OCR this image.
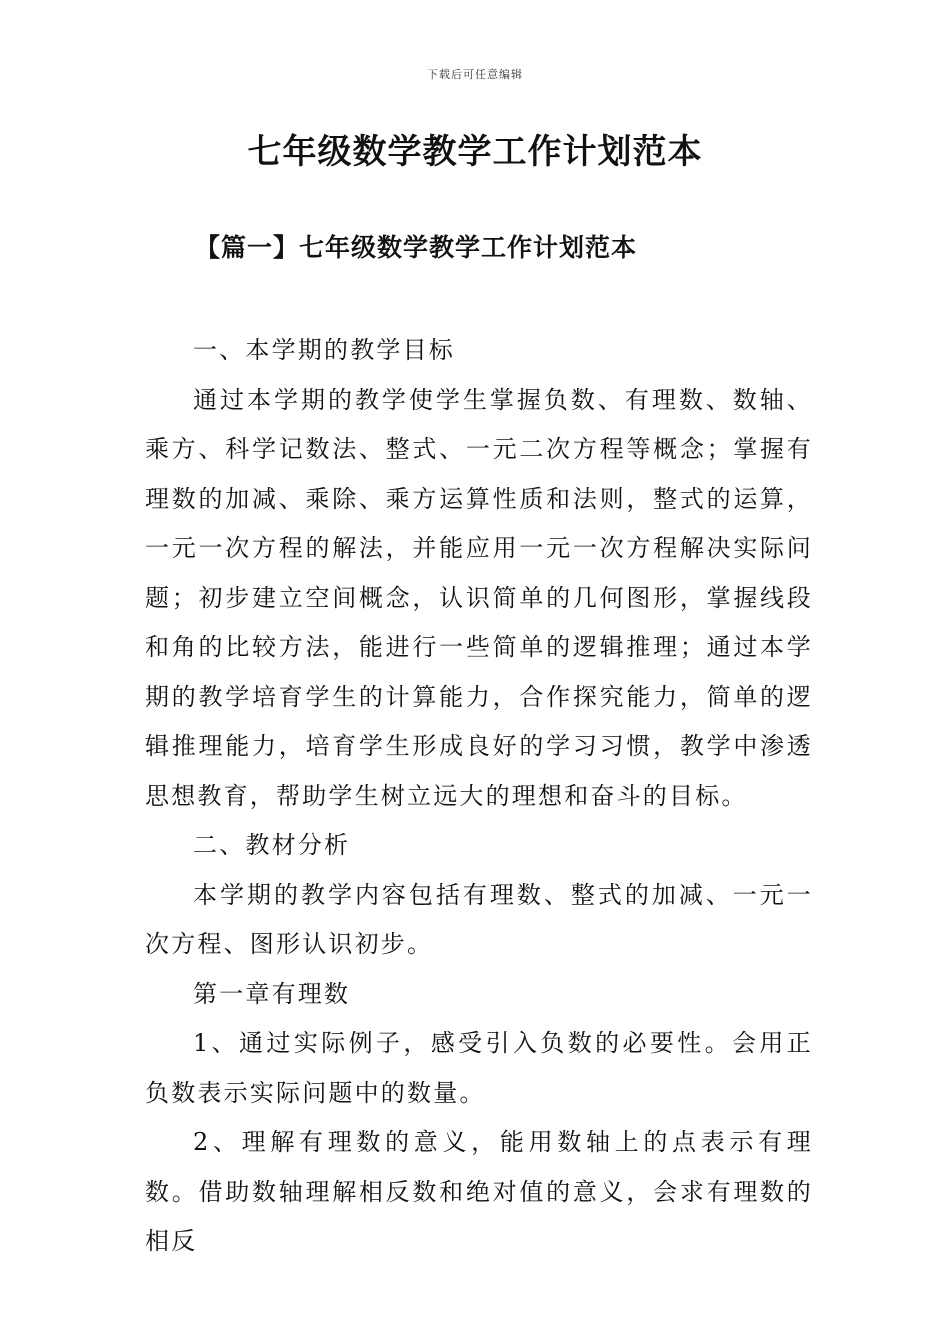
下载后可任意编辑
七年级数学教学工作计划范本
【篇一】七年级数学教学工作计划范本

一、本学期的教学目标

通过本学期的教学使学生掌握负数、有理数、数轴、乘方、科学记数法、整式、一元二次方程等概念；掌握有理数的加减、乘除、乘方运算性质和法则，整式的运算，一元一次方程的解法，并能应用一元一次方程解决实际问题；初步建立空间概念，认识简单的几何图形，掌握线段和角的比较方法，能进行一些简单的逻辑推理；通过本学期的教学培育学生的计算能力，合作探究能力，简单的逻辑推理能力，培育学生形成良好的学习习惯，教学中渗透思想教育，帮助学生树立远大的理想和奋斗的目标。

二、教材分析

本学期的教学内容包括有理数、整式的加减、一元一次方程、图形认识初步。

第一章有理数

1、通过实际例子，感受引入负数的必要性。会用正负数表示实际问题中的数量。

2、理解有理数的意义，能用数轴上的点表示有理数。借助数轴理解相反数和绝对值的意义，会求有理数的相反
